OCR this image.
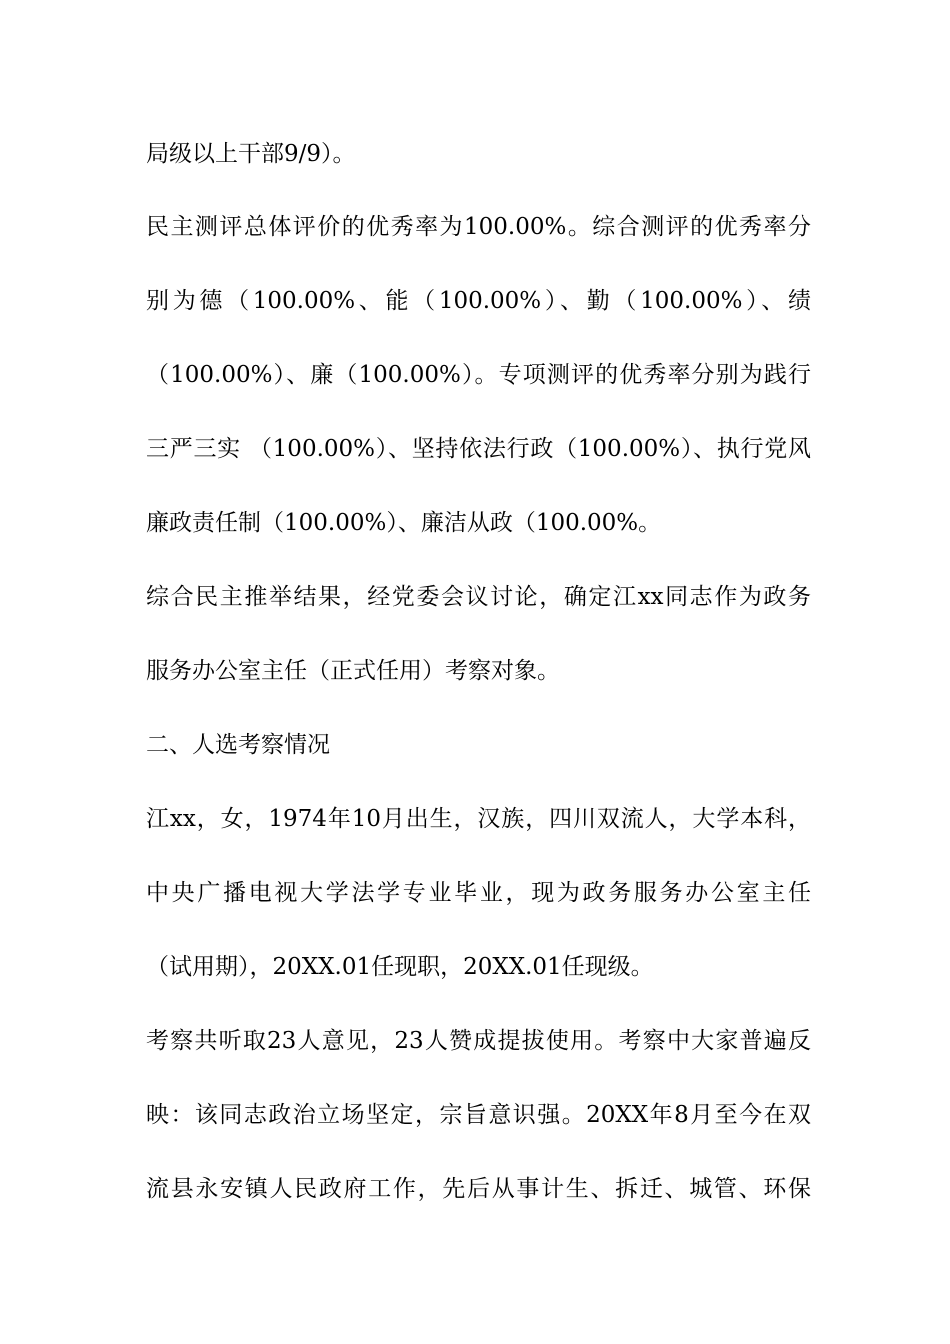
局级以上干部9/9）。
民主测评总体评价的优秀率为100.00%。综合测评的优秀率分
别为德（100.00%、能（100.00%）、勤（100.00%）、绩
（100.00%）、廉（100.00%）。专项测评的优秀率分别为践行
三严三实 （100.00%）、坚持依法行政（100.00%）、执行党风
廉政责任制（100.00%）、廉洁从政（100.00%。
综合民主推举结果，经党委会议讨论，确定江xx同志作为政务
服务办公室主任（正式任用）考察对象。
二、人选考察情况
江xx，女，1974年10月出生，汉族，四川双流人，大学本科，
中央广播电视大学法学专业毕业，现为政务服务办公室主任
（试用期），20XX.01任现职，20XX.01任现级。
考察共听取23人意见，23人赞成提拔使用。考察中大家普遍反
映：该同志政治立场坚定，宗旨意识强。20XX年8月至今在双
流县永安镇人民政府工作，先后从事计生、拆迁、城管、环保
